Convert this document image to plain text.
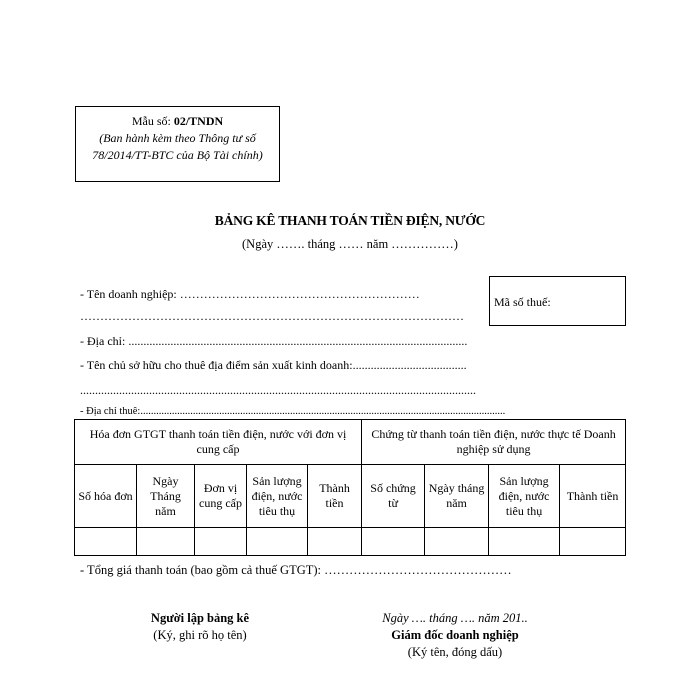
Mẫu số: 02/TNDN
(Ban hành kèm theo Thông tư số 78/2014/TT-BTC của Bộ Tài chính)
BẢNG KÊ THANH TOÁN TIỀN ĐIỆN, NƯỚC
(Ngày ……. tháng …… năm ……………)
- Tên doanh nghiệp: ……………………………………………………
……………………………………………………………………………………
Mã số thuế:
- Địa chỉ: .................................................................................................................
- Tên chủ sở hữu cho thuê địa điểm sản xuất kinh doanh:......................................
....................................................................................................................................
- Địa chỉ thuê:...........................................................................................................................................
Hóa đơn GTGT thanh toán tiền điện, nước với đơn vị cung cấp					Chứng từ thanh toán tiền điện, nước thực tế Doanh nghiệp sử dụng			
Số hóa đơn	Ngày Tháng năm	Đơn vị cung cấp	Sản lượng điện, nước tiêu thụ	Thành tiền	Số chứng từ	Ngày tháng năm	Sản lượng điện, nước tiêu thụ	Thành tiền

- Tổng giá thanh toán (bao gồm cả thuế GTGT): ………………………………………
Người lập bảng kê
(Ký, ghi rõ họ tên)
Ngày …. tháng …. năm 201..
Giám đốc doanh nghiệp
(Ký tên, đóng dấu)
